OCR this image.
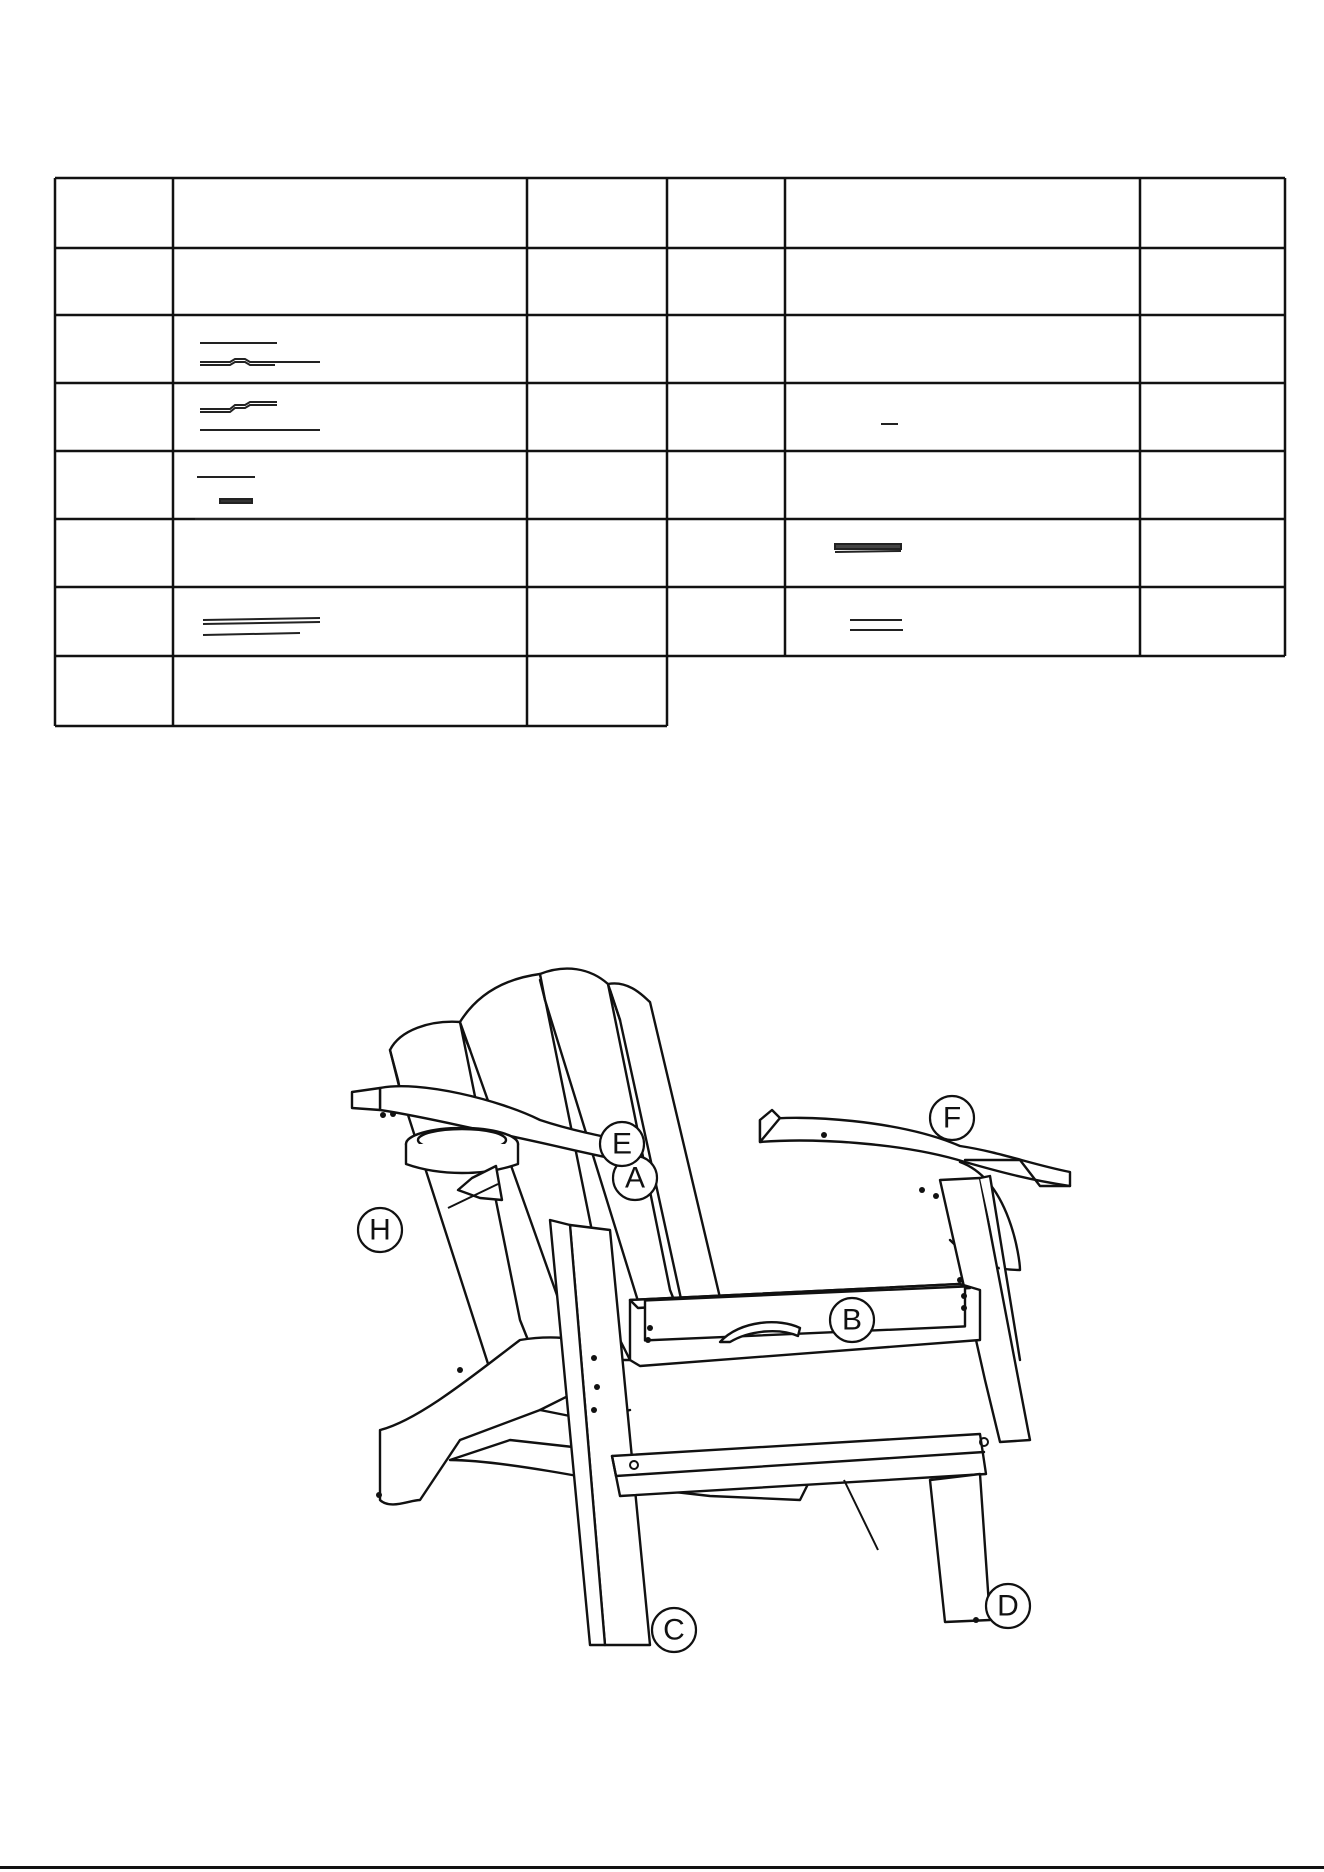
A
E
F
H
B
C
D
